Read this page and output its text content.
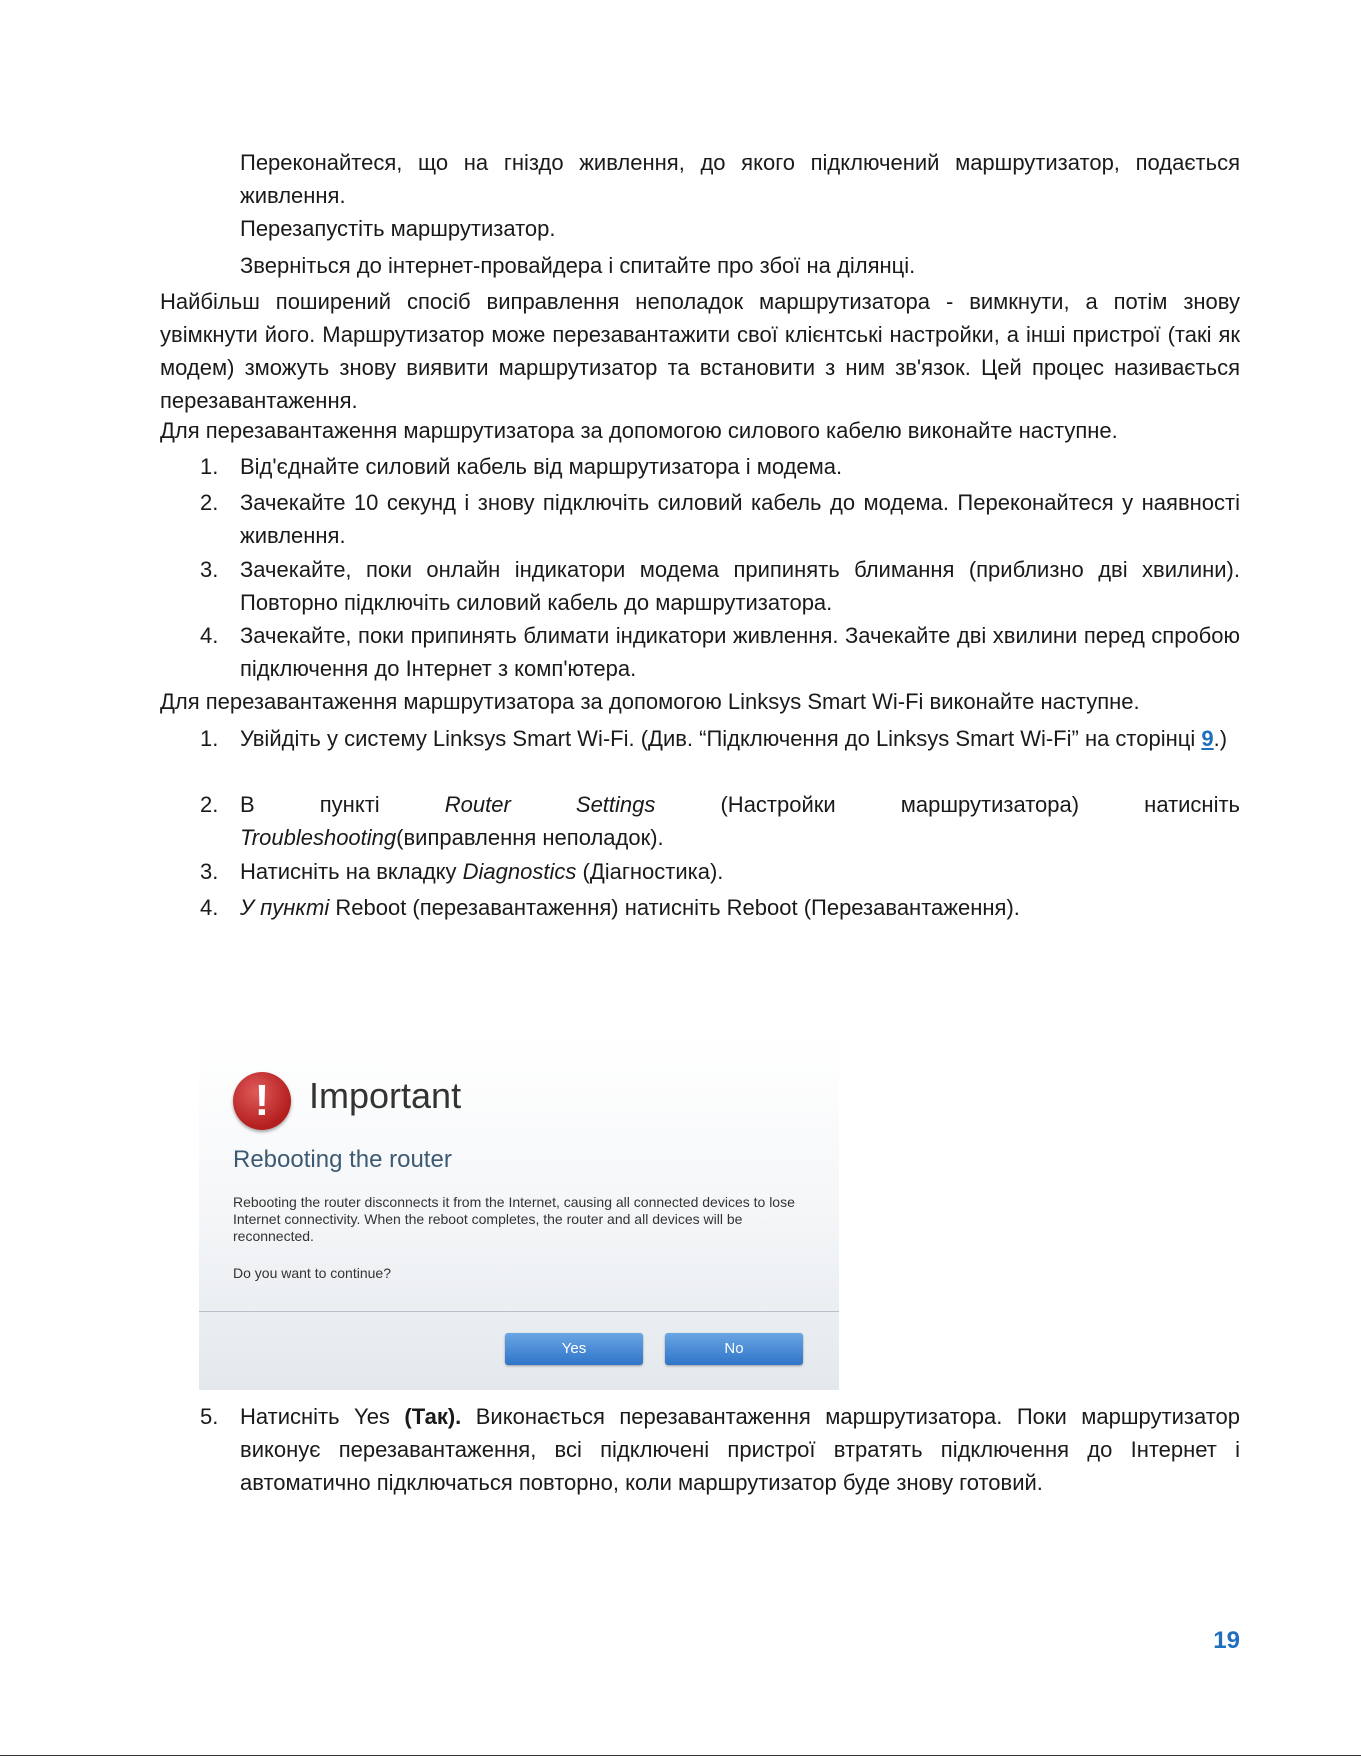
Переконайтеся, що на гніздо живлення, до якого підключений маршрутизатор, подається живлення.

Перезапустіть маршрутизатор.

Зверніться до інтернет-провайдера і спитайте про збої на ділянці.

Найбільш поширений спосіб виправлення неполадок маршрутизатора - вимкнути, а потім знову увімкнути його. Маршрутизатор може перезавантажити свої клієнтські настройки, а інші пристрої (такі як модем) зможуть знову виявити маршрутизатор та встановити з ним зв'язок. Цей процес називається перезавантаження.

Для перезавантаження маршрутизатора за допомогою силового кабелю виконайте наступне.

1. Від'єднайте силовий кабель від маршрутизатора і модема.
2. Зачекайте 10 секунд і знову підключіть силовий кабель до модема. Переконайтеся у наявності живлення.
3. Зачекайте, поки онлайн індикатори модема припинять блимання (приблизно дві хвилини). Повторно підключіть силовий кабель до маршрутизатора.
4. Зачекайте, поки припинять блимати індикатори живлення. Зачекайте дві хвилини перед спробою підключення до Інтернет з комп'ютера.

Для перезавантаження маршрутизатора за допомогою Linksys Smart Wi-Fi виконайте наступне.

1. Увійдіть у систему Linksys Smart Wi-Fi. (Див. “Підключення до Linksys Smart Wi-Fi” на сторінці 9.)
2. В пункті Router Settings (Настройки маршрутизатора) натисніть
Troubleshooting(виправлення неполадок).
3. Натисніть на вкладку Diagnostics (Діагностика).
4. У пункті Reboot (перезавантаження) натисніть Reboot (Перезавантаження).
!	Important
Rebooting the router
Rebooting the router disconnects it from the Internet, causing all connected devices to lose Internet connectivity. When the reboot completes, the router and all devices will be reconnected.
Do you want to continue?
Yes	No
5. Натисніть Yes (Так). Виконається перезавантаження маршрутизатора. Поки маршрутизатор виконує перезавантаження, всі підключені пристрої втратять підключення до Інтернет і автоматично підключаться повторно, коли маршрутизатор буде знову готовий.
19
